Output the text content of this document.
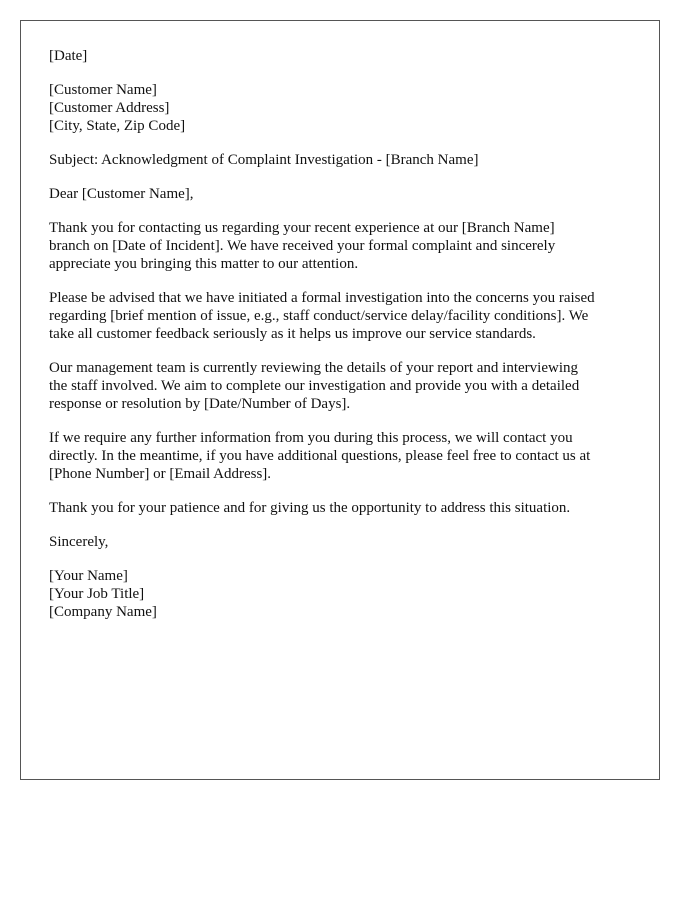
[Date]
[Customer Name]
[Customer Address]
[City, State, Zip Code]
Subject: Acknowledgment of Complaint Investigation - [Branch Name]
Dear [Customer Name],
Thank you for contacting us regarding your recent experience at our [Branch Name]
branch on [Date of Incident]. We have received your formal complaint and sincerely
appreciate you bringing this matter to our attention.
Please be advised that we have initiated a formal investigation into the concerns you raised
regarding [brief mention of issue, e.g., staff conduct/service delay/facility conditions]. We
take all customer feedback seriously as it helps us improve our service standards.
Our management team is currently reviewing the details of your report and interviewing
the staff involved. We aim to complete our investigation and provide you with a detailed
response or resolution by [Date/Number of Days].
If we require any further information from you during this process, we will contact you
directly. In the meantime, if you have additional questions, please feel free to contact us at
[Phone Number] or [Email Address].
Thank you for your patience and for giving us the opportunity to address this situation.
Sincerely,
[Your Name]
[Your Job Title]
[Company Name]
